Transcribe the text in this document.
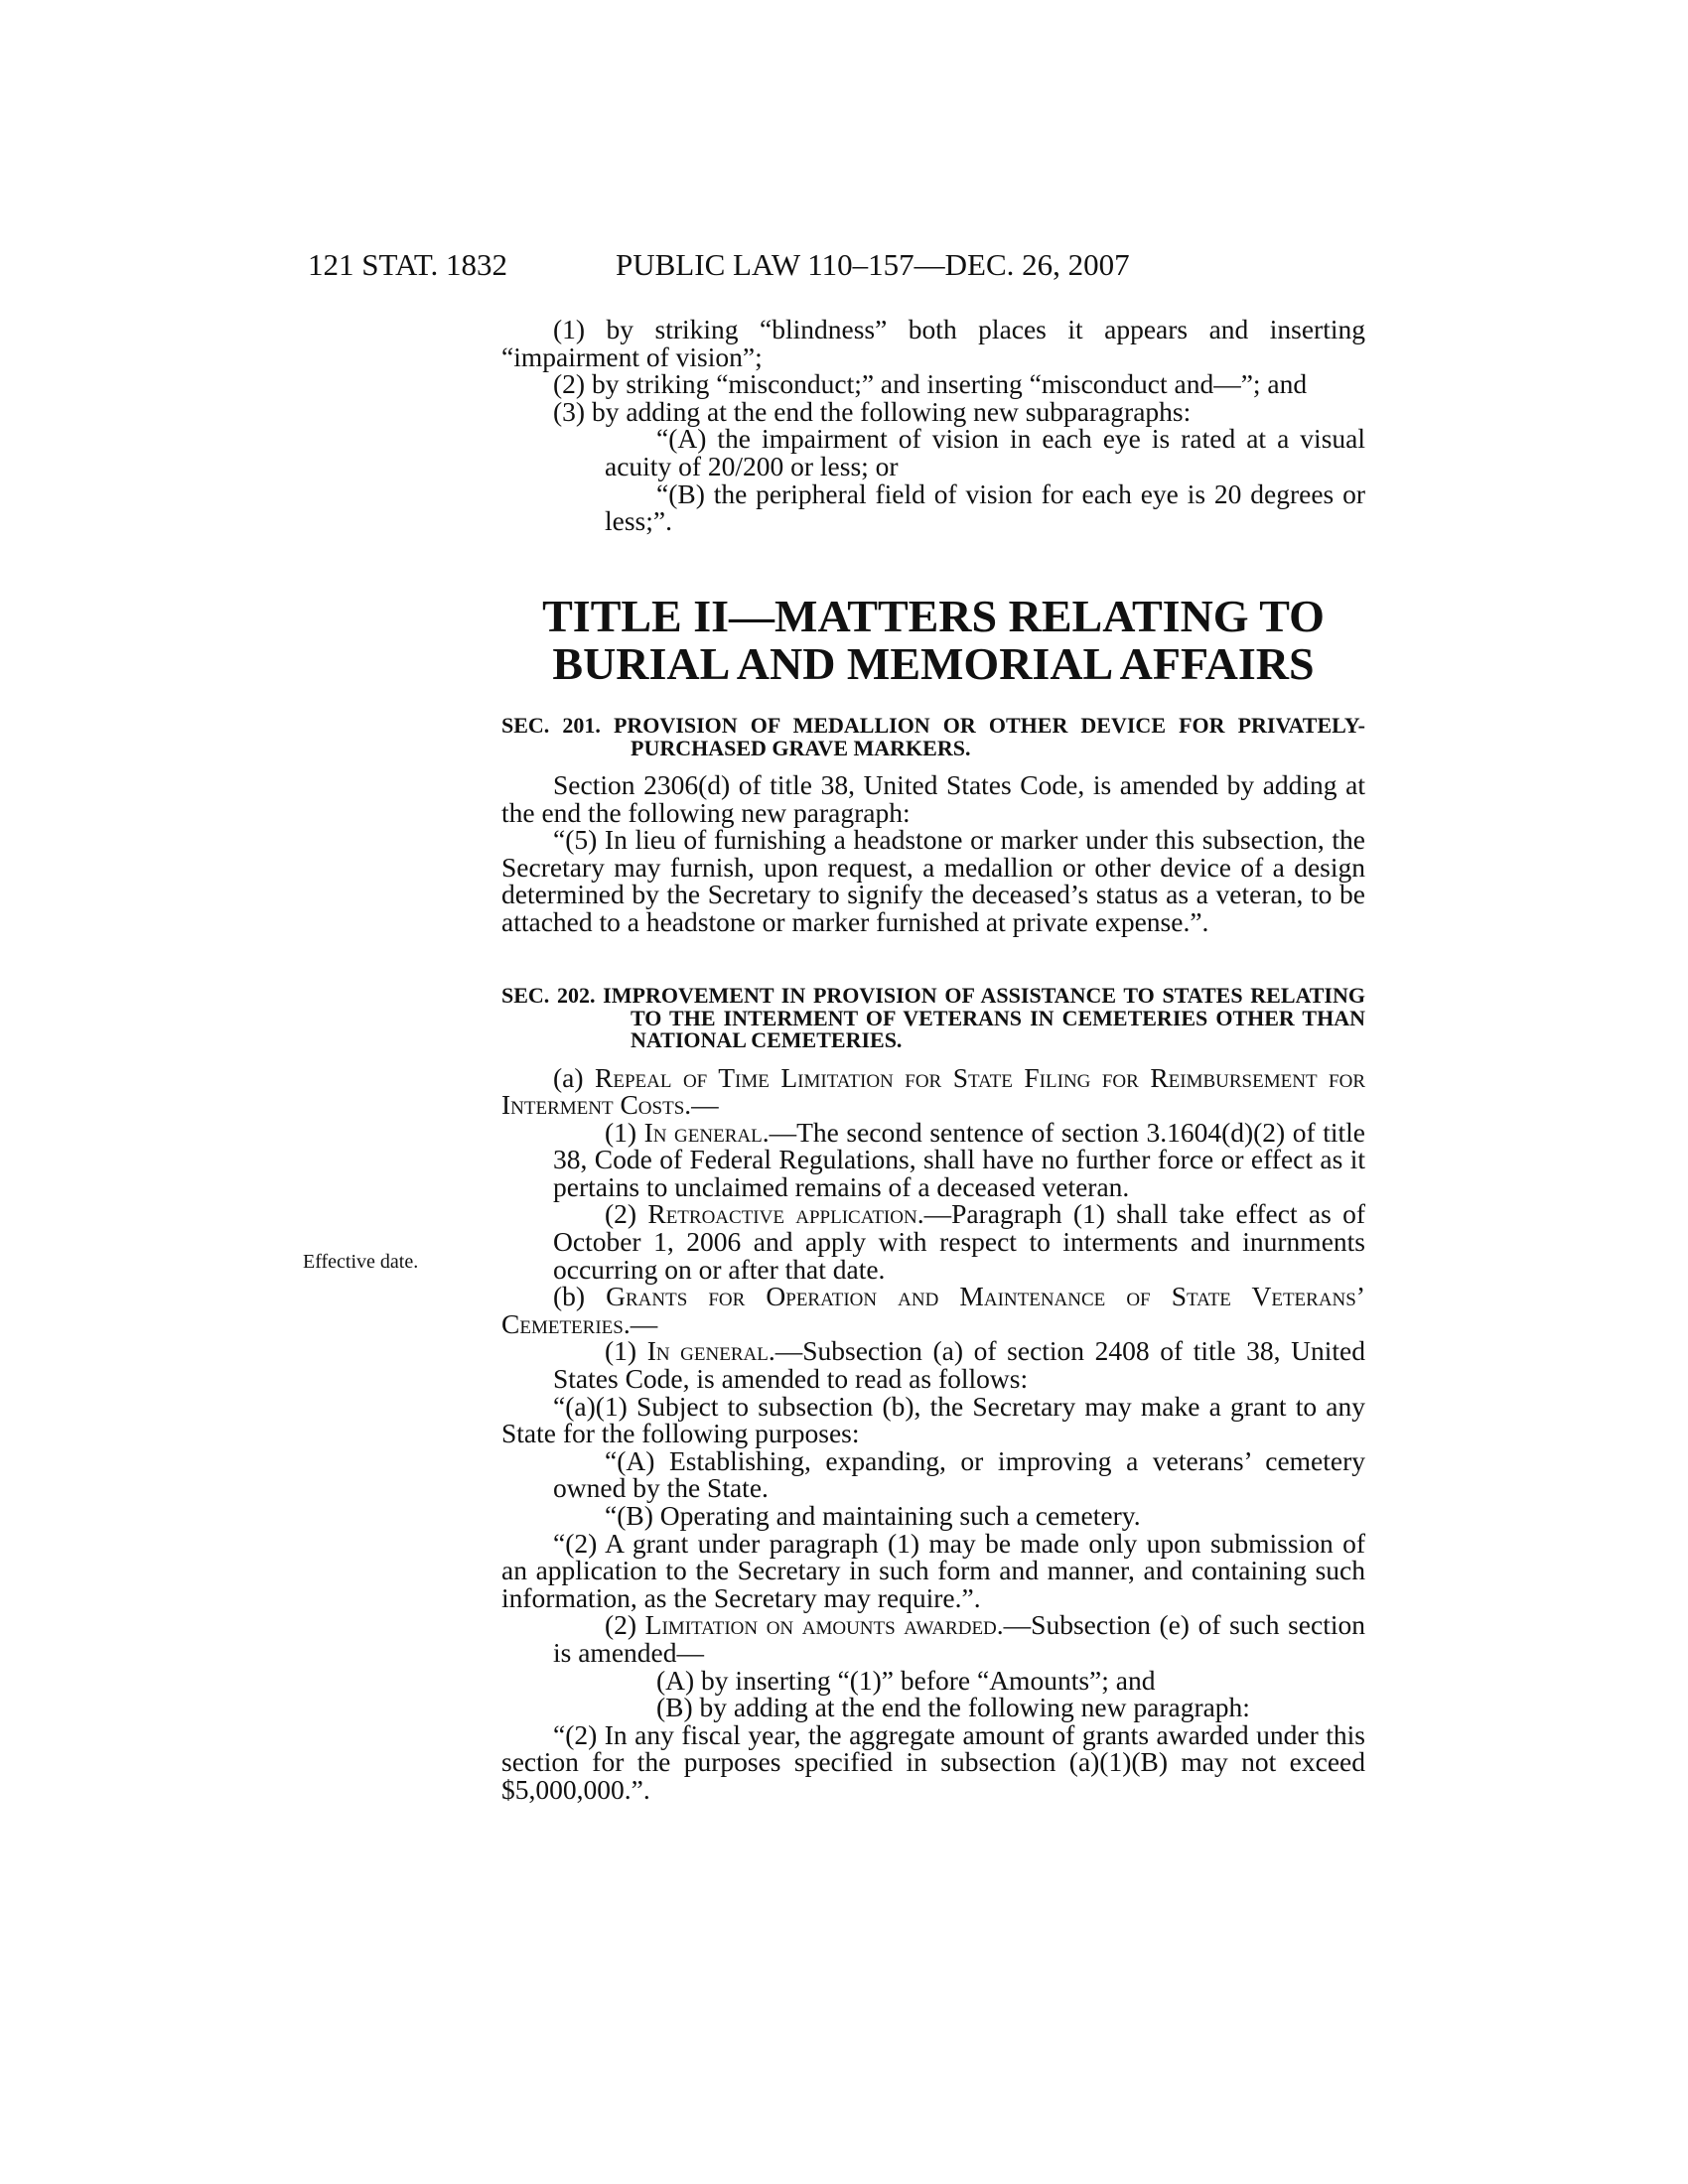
121 STAT. 1832	PUBLIC LAW 110–157—DEC. 26, 2007

(1) by striking “blindness” both places it appears and inserting “impairment of vision”;

(2) by striking “misconduct;” and inserting “misconduct and—”; and

(3) by adding at the end the following new subparagraphs:

“(A) the impairment of vision in each eye is rated at a visual acuity of 20/200 or less; or

“(B) the peripheral field of vision for each eye is 20 degrees or less;”.

TITLE II—MATTERS RELATING TO
BURIAL AND MEMORIAL AFFAIRS

SEC. 201. PROVISION OF MEDALLION OR OTHER DEVICE FOR PRIVATELY-PURCHASED GRAVE MARKERS.

Section 2306(d) of title 38, United States Code, is amended by adding at the end the following new paragraph:

“(5) In lieu of furnishing a headstone or marker under this subsection, the Secretary may furnish, upon request, a medallion or other device of a design determined by the Secretary to signify the deceased’s status as a veteran, to be attached to a headstone or marker furnished at private expense.”.

SEC. 202. IMPROVEMENT IN PROVISION OF ASSISTANCE TO STATES RELATING TO THE INTERMENT OF VETERANS IN CEMETERIES OTHER THAN NATIONAL CEMETERIES.

(a) Repeal of Time Limitation for State Filing for Reimbursement for Interment Costs.—

(1) In general.—The second sentence of section 3.1604(d)(2) of title 38, Code of Federal Regulations, shall have no further force or effect as it pertains to unclaimed remains of a deceased veteran.

(2) Retroactive application.—Paragraph (1) shall take effect as of October 1, 2006 and apply with respect to interments and inurnments occurring on or after that date.

(b) Grants for Operation and Maintenance of State Veterans’ Cemeteries.—

(1) In general.—Subsection (a) of section 2408 of title 38, United States Code, is amended to read as follows:

“(a)(1) Subject to subsection (b), the Secretary may make a grant to any State for the following purposes:

“(A) Establishing, expanding, or improving a veterans’ cemetery owned by the State.

“(B) Operating and maintaining such a cemetery.

“(2) A grant under paragraph (1) may be made only upon submission of an application to the Secretary in such form and manner, and containing such information, as the Secretary may require.”.

(2) Limitation on amounts awarded.—Subsection (e) of such section is amended—

(A) by inserting “(1)” before “Amounts”; and

(B) by adding at the end the following new paragraph:

“(2) In any fiscal year, the aggregate amount of grants awarded under this section for the purposes specified in subsection (a)(1)(B) may not exceed $5,000,000.”.

Effective date.
